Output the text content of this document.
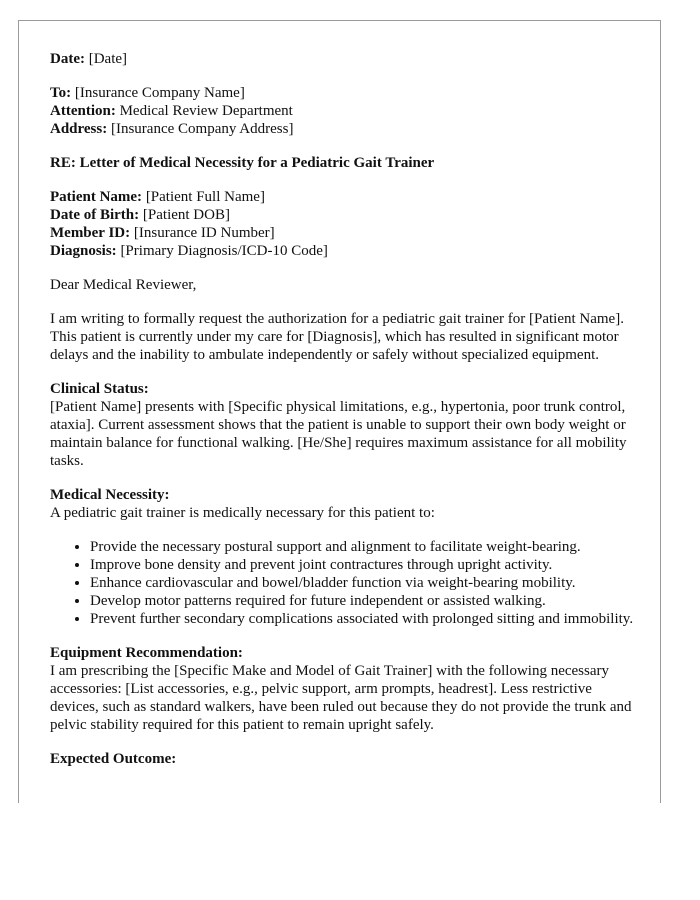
Date: [Date]
To: [Insurance Company Name]
Attention: Medical Review Department
Address: [Insurance Company Address]
RE: Letter of Medical Necessity for a Pediatric Gait Trainer
Patient Name: [Patient Full Name]
Date of Birth: [Patient DOB]
Member ID: [Insurance ID Number]
Diagnosis: [Primary Diagnosis/ICD-10 Code]

Dear Medical Reviewer,

I am writing to formally request the authorization for a pediatric gait trainer for [Patient Name]. This patient is currently under my care for [Diagnosis], which has resulted in significant motor delays and the inability to ambulate independently or safely without specialized equipment.

Clinical Status:
[Patient Name] presents with [Specific physical limitations, e.g., hypertonia, poor trunk control, ataxia]. Current assessment shows that the patient is unable to support their own body weight or maintain balance for functional walking. [He/She] requires maximum assistance for all mobility tasks.
Medical Necessity:
A pediatric gait trainer is medically necessary for this patient to:
• Provide the necessary postural support and alignment to facilitate weight-bearing.
• Improve bone density and prevent joint contractures through upright activity.
• Enhance cardiovascular and bowel/bladder function via weight-bearing mobility.
• Develop motor patterns required for future independent or assisted walking.
• Prevent further secondary complications associated with prolonged sitting and immobility.
Equipment Recommendation:
I am prescribing the [Specific Make and Model of Gait Trainer] with the following necessary accessories: [List accessories, e.g., pelvic support, arm prompts, headrest]. Less restrictive devices, such as standard walkers, have been ruled out because they do not provide the trunk and pelvic stability required for this patient to remain upright safely.
Expected Outcome:
